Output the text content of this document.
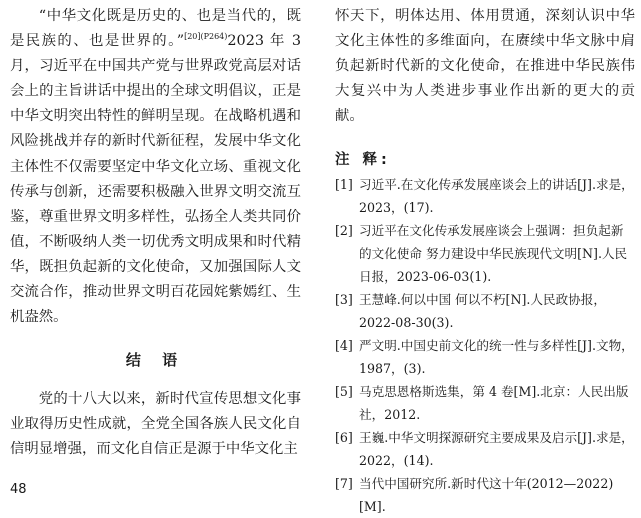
“中华文化既是历史的、也是当代的，既是民族的、也是世界的。”$^{[20](P264)}$2023 年 3 月，习近平在中国共产党与世界政党高层对话会上的主旨讲话中提出的全球文明倡议，正是中华文明突出特性的鲜明呈现。在战略机遇和风险挑战并存的新时代新征程，发展中华文化主体性不仅需要坚定中华文化立场、重视文化传承与创新，还需要积极融入世界文明交流互鉴，尊重世界文明多样性，弘扬全人类共同价值，不断吸纳人类一切优秀文明成果和时代精华，既担负起新的文化使命，又加强国际人文交流合作，推动世界文明百花园姹紫嫣红、生机盎然。

结 语

党的十八大以来，新时代宣传思想文化事业取得历史性成就，全党全国各族人民文化自信明显增强，而文化自信正是源于中华文化主

怀天下，明体达用、体用贯通，深刻认识中华文化主体性的多维面向，在赓续中华文脉中肩负起新时代新的文化使命，在推进中华民族伟大复兴中为人类进步事业作出新的更大的贡献。

注 释:
[1] 习近平.在文化传承发展座谈会上的讲话[J].求是，2023，(17).
[2] 习近平在文化传承发展座谈会上强调：担负起新的文化使命 努力建设中华民族现代文明[N].人民日报，2023-06-03(1).
[3] 王慧峰.何以中国 何以不朽[N].人民政协报，2022-08-30(3).
[4] 严文明.中国史前文化的统一性与多样性[J].文物，1987，(3).
[5] 马克思恩格斯选集，第 4 卷[M].北京：人民出版社，2012.
[6] 王巍.中华文明探源研究主要成果及启示[J].求是，2022，(14).
[7] 当代中国研究所.新时代这十年(2012—2022)[M].
48
